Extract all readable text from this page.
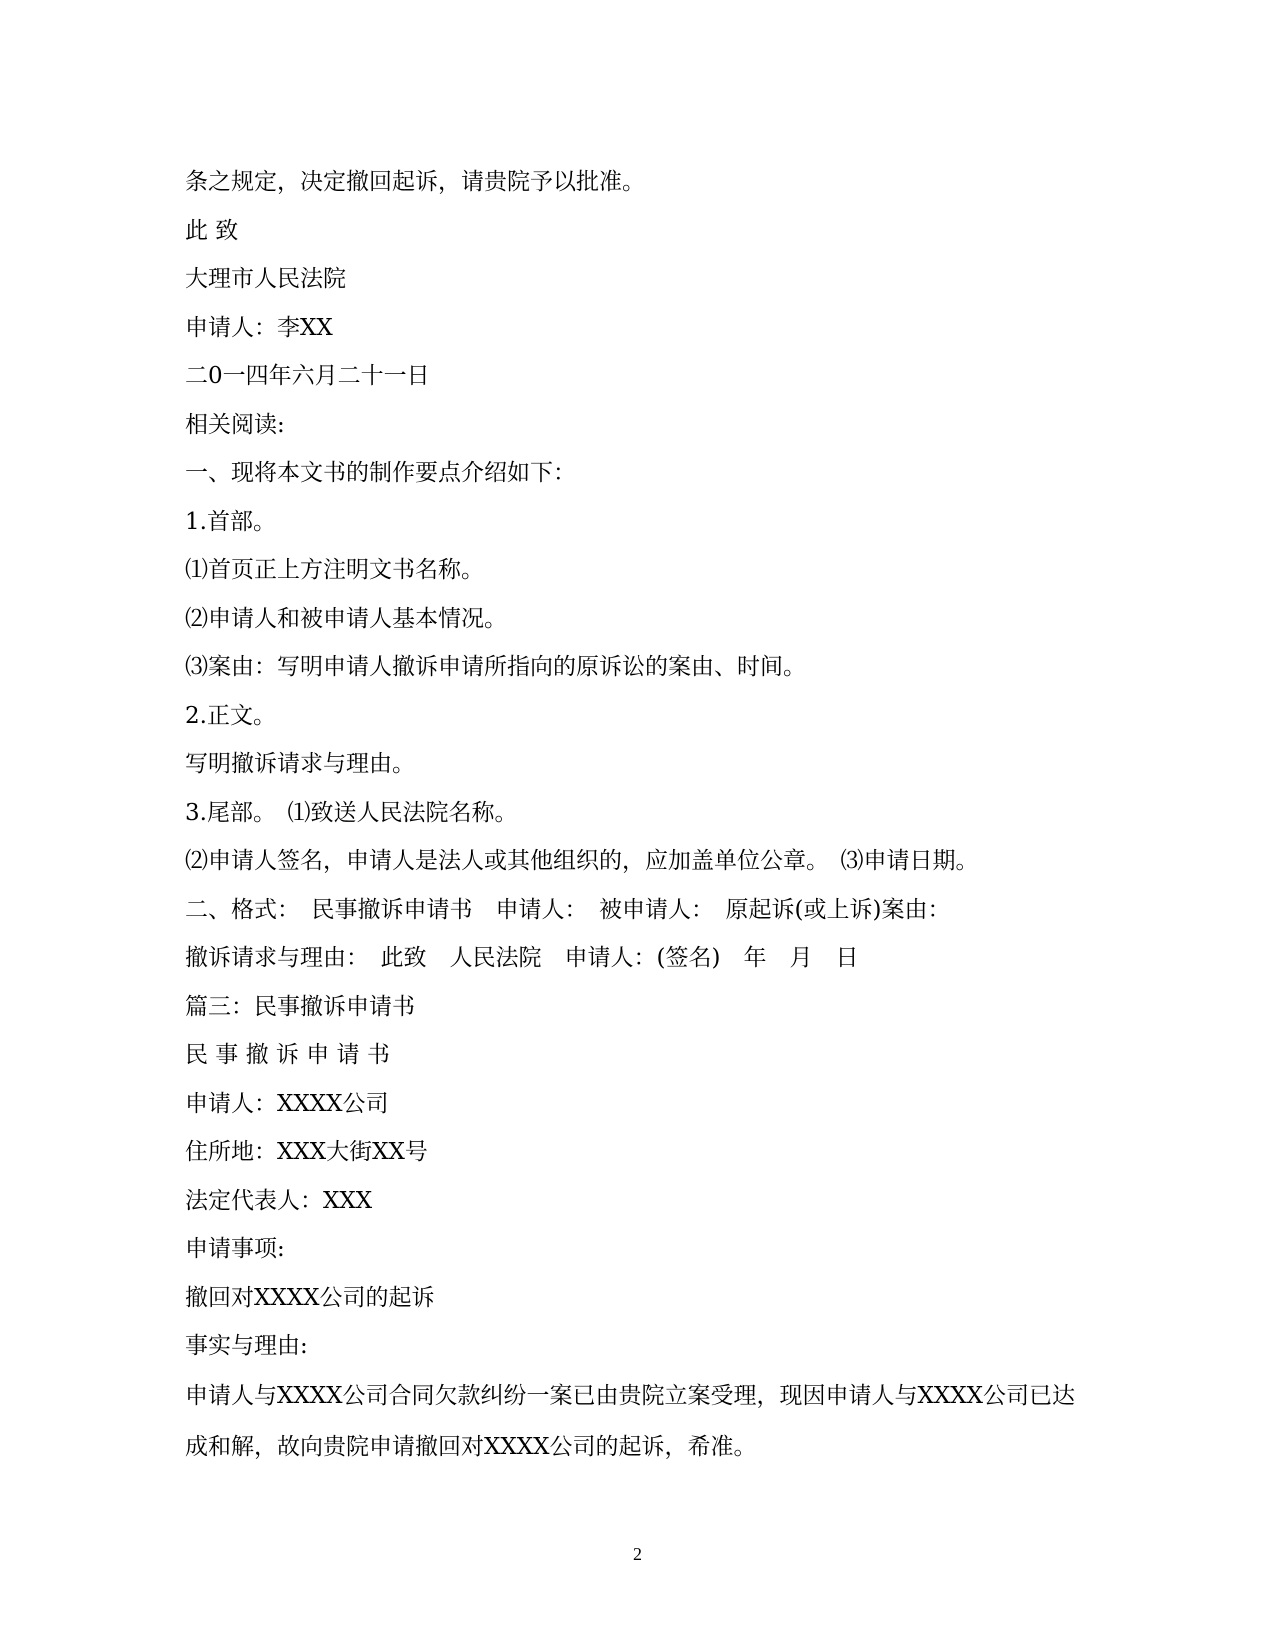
条之规定，决定撤回起诉，请贵院予以批准。
此 致
大理市人民法院
申请人：李XX
二0一四年六月二十一日
相关阅读:
一、现将本文书的制作要点介绍如下：
1.首部。
⑴首页正上方注明文书名称。
⑵申请人和被申请人基本情况。
⑶案由：写明申请人撤诉申请所指向的原诉讼的案由、时间。
2.正文。
写明撤诉请求与理由。
3.尾部。　⑴致送人民法院名称。
⑵申请人签名，申请人是法人或其他组织的，应加盖单位公章。　⑶申请日期。
二、格式：　民事撤诉申请书　申请人：　被申请人：　原起诉(或上诉)案由：
撤诉请求与理由：　此致　人民法院　申请人：(签名)　年　月　日
篇三：民事撤诉申请书
民 事 撤 诉 申 请 书
申请人：XXXX公司
住所地：XXX大街XX号
法定代表人：XXX
申请事项:
撤回对XXXX公司的起诉
事实与理由:
申请人与XXXX公司合同欠款纠纷一案已由贵院立案受理，现因申请人与XXXX公司已达成和解，故向贵院申请撤回对XXXX公司的起诉，希准。
2
